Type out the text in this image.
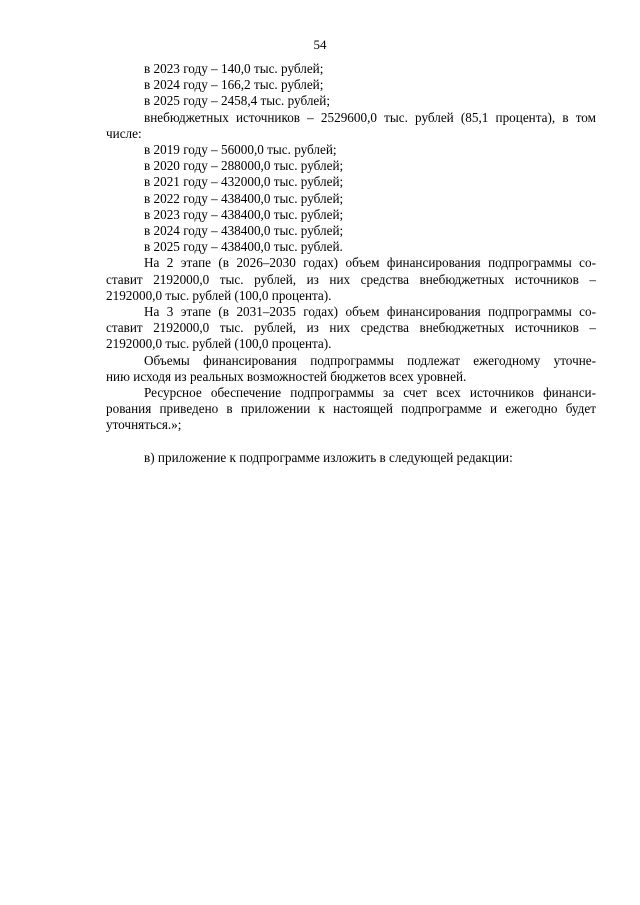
54
в 2023 году – 140,0 тыс. рублей;
в 2024 году – 166,2 тыс. рублей;
в 2025 году – 2458,4 тыс. рублей;
внебюджетных источников – 2529600,0 тыс. рублей (85,1 процента), в том
числе:
в 2019 году – 56000,0 тыс. рублей;
в 2020 году – 288000,0 тыс. рублей;
в 2021 году – 432000,0 тыс. рублей;
в 2022 году – 438400,0 тыс. рублей;
в 2023 году – 438400,0 тыс. рублей;
в 2024 году – 438400,0 тыс. рублей;
в 2025 году – 438400,0 тыс. рублей.
На 2 этапе (в 2026–2030 годах) объем финансирования подпрограммы со-
ставит 2192000,0 тыс. рублей, из них средства внебюджетных источников –
2192000,0 тыс. рублей (100,0 процента).
На 3 этапе (в 2031–2035 годах) объем финансирования подпрограммы со-
ставит 2192000,0 тыс. рублей, из них средства внебюджетных источников –
2192000,0 тыс. рублей (100,0 процента).
Объемы финансирования подпрограммы подлежат ежегодному уточне-
нию исходя из реальных возможностей бюджетов всех уровней.
Ресурсное обеспечение подпрограммы за счет всех источников финанси-
рования приведено в приложении к настоящей подпрограмме и ежегодно будет
уточняться.»;
в) приложение к подпрограмме изложить в следующей редакции:
